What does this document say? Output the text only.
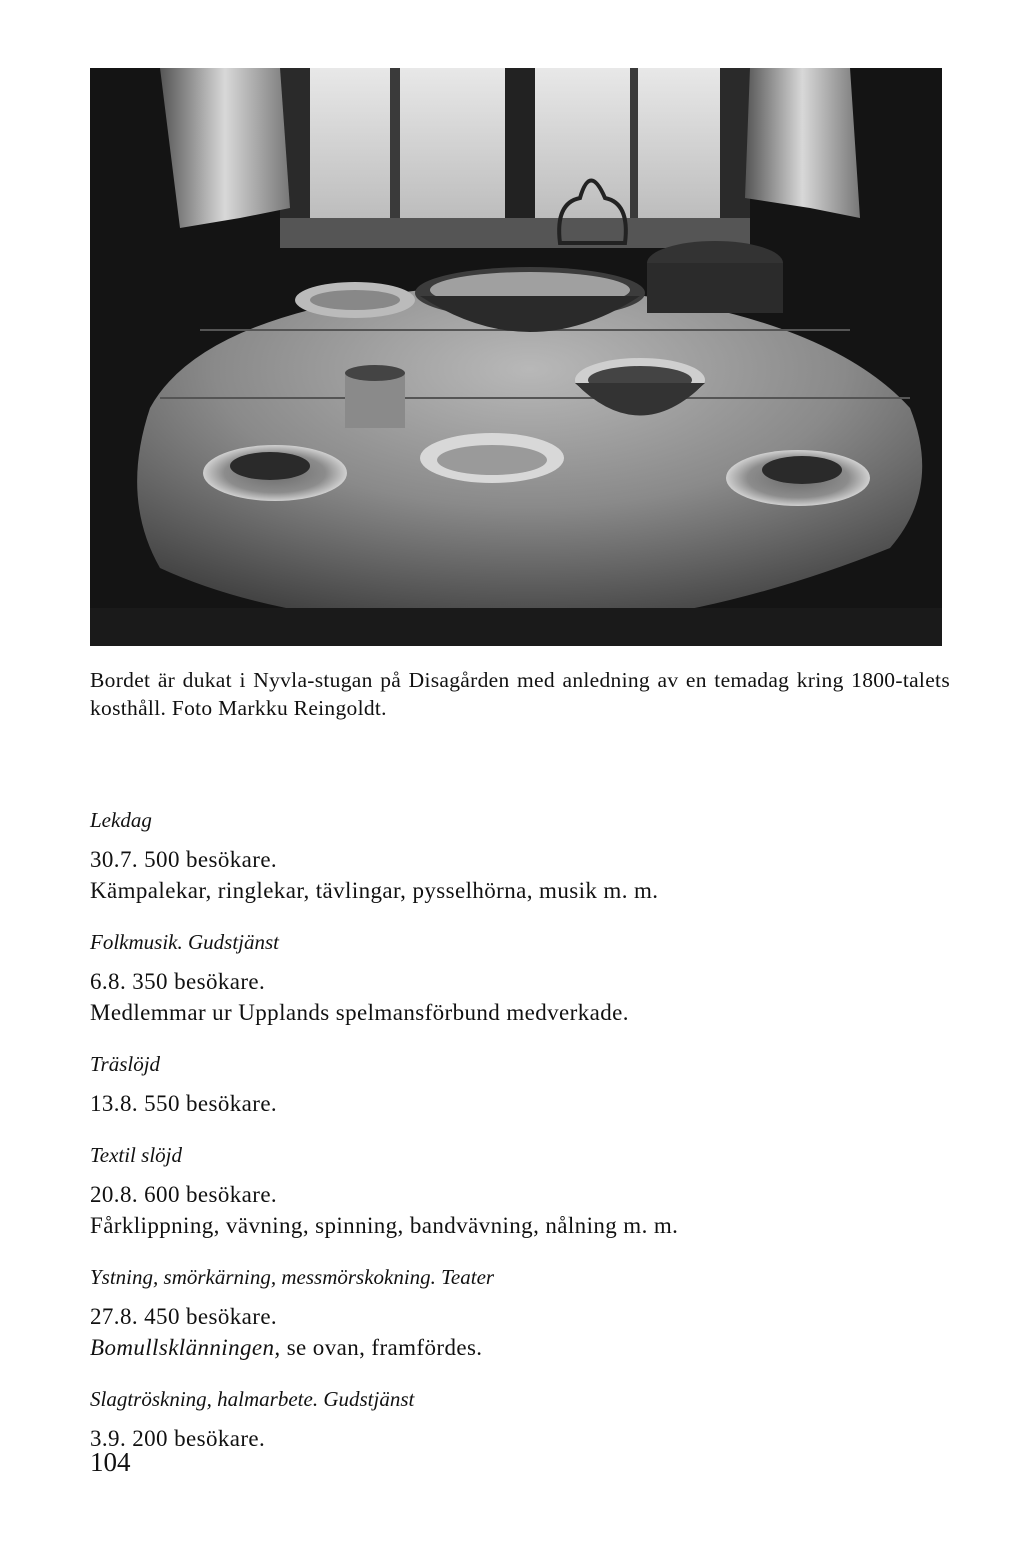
Bordet är dukat i Nyvla-stugan på Disagården med anledning av en temadag kring 1800-talets kosthåll. Foto Markku Reingoldt.
Lekdag
30.7. 500 besökare.
Kämpalekar, ringlekar, tävlingar, pysselhörna, musik m. m.
Folkmusik. Gudstjänst
6.8. 350 besökare.
Medlemmar ur Upplands spelmansförbund medverkade.
Träslöjd
13.8. 550 besökare.
Textil slöjd
20.8. 600 besökare.
Fårklippning, vävning, spinning, bandvävning, nålning m. m.
Ystning, smörkärning, messmörskokning. Teater
27.8. 450 besökare.
Bomullsklänningen, se ovan, framfördes.
Slagtröskning, halmarbete. Gudstjänst
3.9. 200 besökare.
104
